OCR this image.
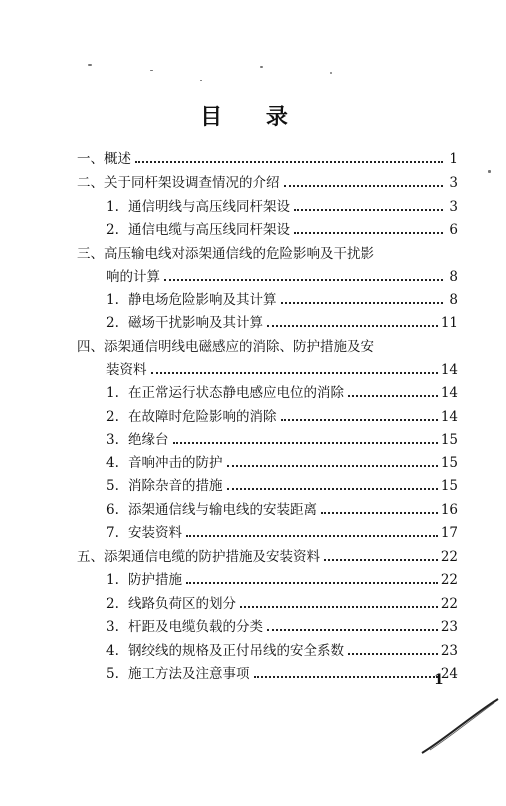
目 录
一、 概述	1
二、 关于同杆架设调查情况的介绍	3
1. 通信明线与高压线同杆架设	3
2. 通信电缆与高压线同杆架设	6
三、 高压输电线对添架通信线的危险影响及干扰影
响的计算	8
1. 静电场危险影响及其计算	8
2. 磁场干扰影响及其计算	11
四、 添架通信明线电磁感应的消除、防护措施及安
装资料	14
1. 在正常运行状态静电感应电位的消除	14
2. 在故障时危险影响的消除	14
3. 绝缘台	15
4. 音响冲击的防护	15
5. 消除杂音的措施	15
6. 添架通信线与输电线的安装距离	16
7. 安装资料	17
五、 添架通信电缆的防护措施及安装资料	22
1. 防护措施	22
2. 线路负荷区的划分	22
3. 杆距及电缆负载的分类	23
4. 钢绞线的规格及正付吊线的安全系数	23
5. 施工方法及注意事项	24
1
